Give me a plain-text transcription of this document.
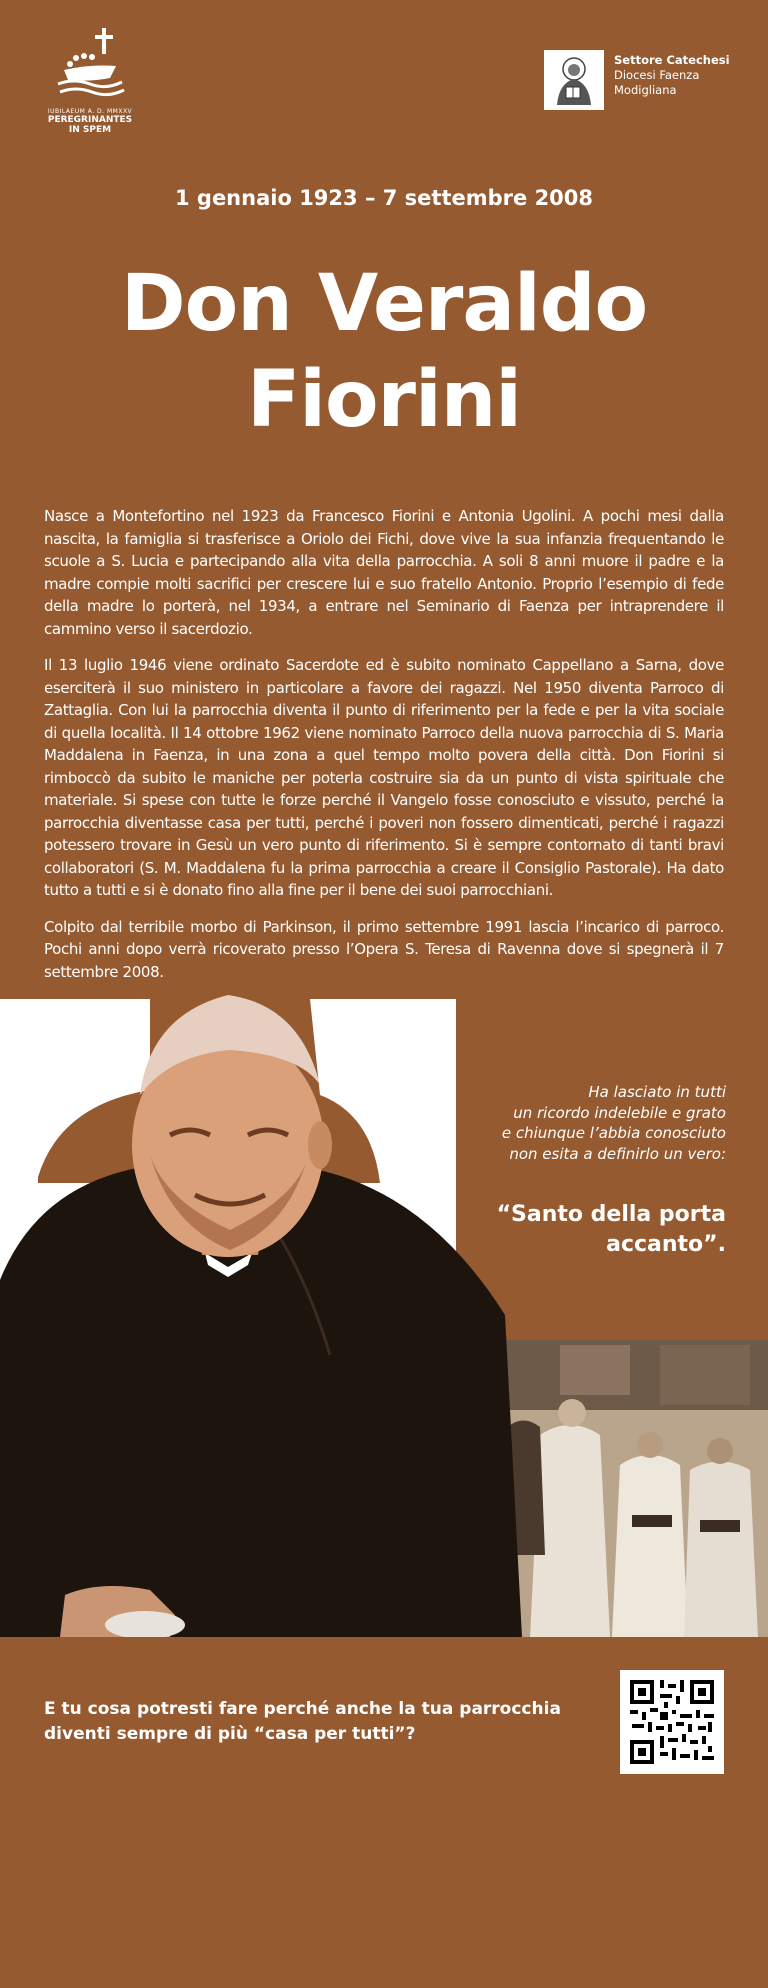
IUBILAEUM A. D. MMXXV
PEREGRINANTES
IN SPEM
Settore Catechesi
Diocesi Faenza
Modigliana
1 gennaio 1923 – 7 settembre 2008
Don Veraldo
Fiorini

Nasce a Montefortino nel 1923 da Francesco Fiorini e Antonia Ugolini. A pochi mesi dalla nascita, la famiglia si trasferisce a Oriolo dei Fichi, dove vive la sua infanzia frequentando le scuole a S. Lucia e partecipando alla vita della parrocchia. A soli 8 anni muore il padre e la madre compie molti sacrifici per crescere lui e suo fratello Antonio. Proprio l’esempio di fede della madre lo porterà, nel 1934, a entrare nel Seminario di Faenza per intraprendere il cammino verso il sacerdozio.

Il 13 luglio 1946 viene ordinato Sacerdote ed è subito nominato Cappellano a Sarna, dove eserciterà il suo ministero in particolare a favore dei ragazzi. Nel 1950 diventa Parroco di Zattaglia. Con lui la parrocchia diventa il punto di riferimento per la fede e per la vita sociale di quella località. Il 14 ottobre 1962 viene nominato Parroco della nuova parrocchia di S. Maria Maddalena in Faenza, in una zona a quel tempo molto povera della città. Don Fiorini si rimboccò da subito le maniche per poterla costruire sia da un punto di vista spirituale che materiale. Si spese con tutte le forze perché il Vangelo fosse conosciuto e vissuto, perché la parrocchia diventasse casa per tutti, perché i poveri non fossero dimenticati, perché i ragazzi potessero trovare in Gesù un vero punto di riferimento. Si è sempre contornato di tanti bravi collaboratori (S. M. Maddalena fu la prima parrocchia a creare il Consiglio Pastorale). Ha dato tutto a tutti e si è donato fino alla fine per il bene dei suoi parrocchiani.

Colpito dal terribile morbo di Parkinson, il primo settembre 1991 lascia l’incarico di parroco. Pochi anni dopo verrà ricoverato presso l’Opera S. Teresa di Ravenna dove si spegnerà il 7 settembre 2008.

Ha lasciato in tutti
un ricordo indelebile e grato
e chiunque l’abbia conosciuto
non esita a definirlo un vero:
“Santo della porta
accanto”.
E tu cosa potresti fare perché anche la tua parrocchia
diventi sempre di più “casa per tutti”?
